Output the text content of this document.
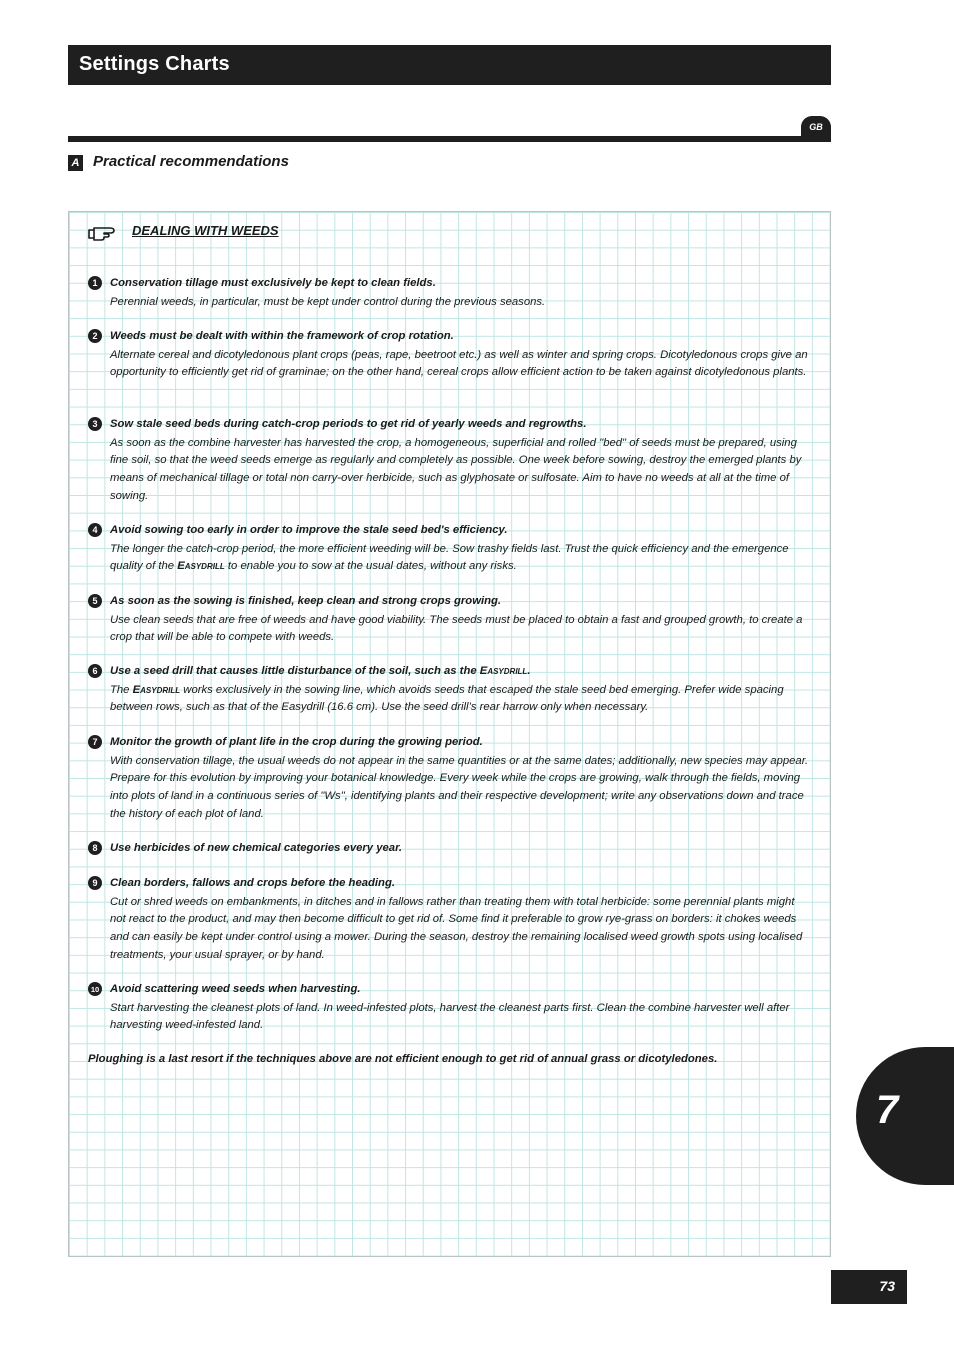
Settings Charts
GB
A Practical recommendations
DEALING WITH WEEDS
1	Conservation tillage must exclusively be kept to clean fields.
Perennial weeds, in particular, must be kept under control during the previous seasons.
2	Weeds must be dealt with within the framework of crop rotation.
Alternate cereal and dicotyledonous plant crops (peas, rape, beetroot etc.) as well as winter and spring crops. Dicotyledonous crops give an opportunity to efficiently get rid of graminae; on the other hand, cereal crops allow efficient action to be taken against dicotyledonous plants.
3	Sow stale seed beds during catch-crop periods to get rid of yearly weeds and regrowths.
As soon as the combine harvester has harvested the crop, a homogeneous, superficial and rolled "bed" of seeds must be prepared, using fine soil, so that the weed seeds emerge as regularly and completely as possible. One week before sowing, destroy the emerged plants by means of mechanical tillage or total non carry-over herbicide, such as glyphosate or sulfosate. Aim to have no weeds at all at the time of sowing.
4	Avoid sowing too early in order to improve the stale seed bed's efficiency.
The longer the catch-crop period, the more efficient weeding will be. Sow trashy fields last. Trust the quick efficiency and the emergence quality of the Easydrill to enable you to sow at the usual dates, without any risks.
5	As soon as the sowing is finished, keep clean and strong crops growing.
Use clean seeds that are free of weeds and have good viability. The seeds must be placed to obtain a fast and grouped growth, to create a crop that will be able to compete with weeds.
6	Use a seed drill that causes little disturbance of the soil, such as the Easydrill.
The Easydrill works exclusively in the sowing line, which avoids seeds that escaped the stale seed bed emerging. Prefer wide spacing between rows, such as that of the Easydrill (16.6 cm). Use the seed drill’s rear harrow only when necessary.
7	Monitor the growth of plant life in the crop during the growing period.
With conservation tillage, the usual weeds do not appear in the same quantities or at the same dates; additionally, new species may appear. Prepare for this evolution by improving your botanical knowledge. Every week while the crops are growing, walk through the fields, moving into plots of land in a continuous series of "Ws", identifying plants and their respective development; write any observations down and trace the history of each plot of land.
8	Use herbicides of new chemical categories every year.
9	Clean borders, fallows and crops before the heading.
Cut or shred weeds on embankments, in ditches and in fallows rather than treating them with total herbicide: some perennial plants might not react to the product, and may then become difficult to get rid of. Some find it preferable to grow rye-grass on borders: it chokes weeds and can easily be kept under control using a mower. During the season, destroy the remaining localised weed growth spots using localised treatments, your usual sprayer, or by hand.
10 Avoid scattering weed seeds when harvesting.
Start harvesting the cleanest plots of land. In weed-infested plots, harvest the cleanest parts first. Clean the combine harvester well after harvesting weed-infested land.
Ploughing is a last resort if the techniques above are not efficient enough to get rid of annual grass or dicotyledones.
7
73
